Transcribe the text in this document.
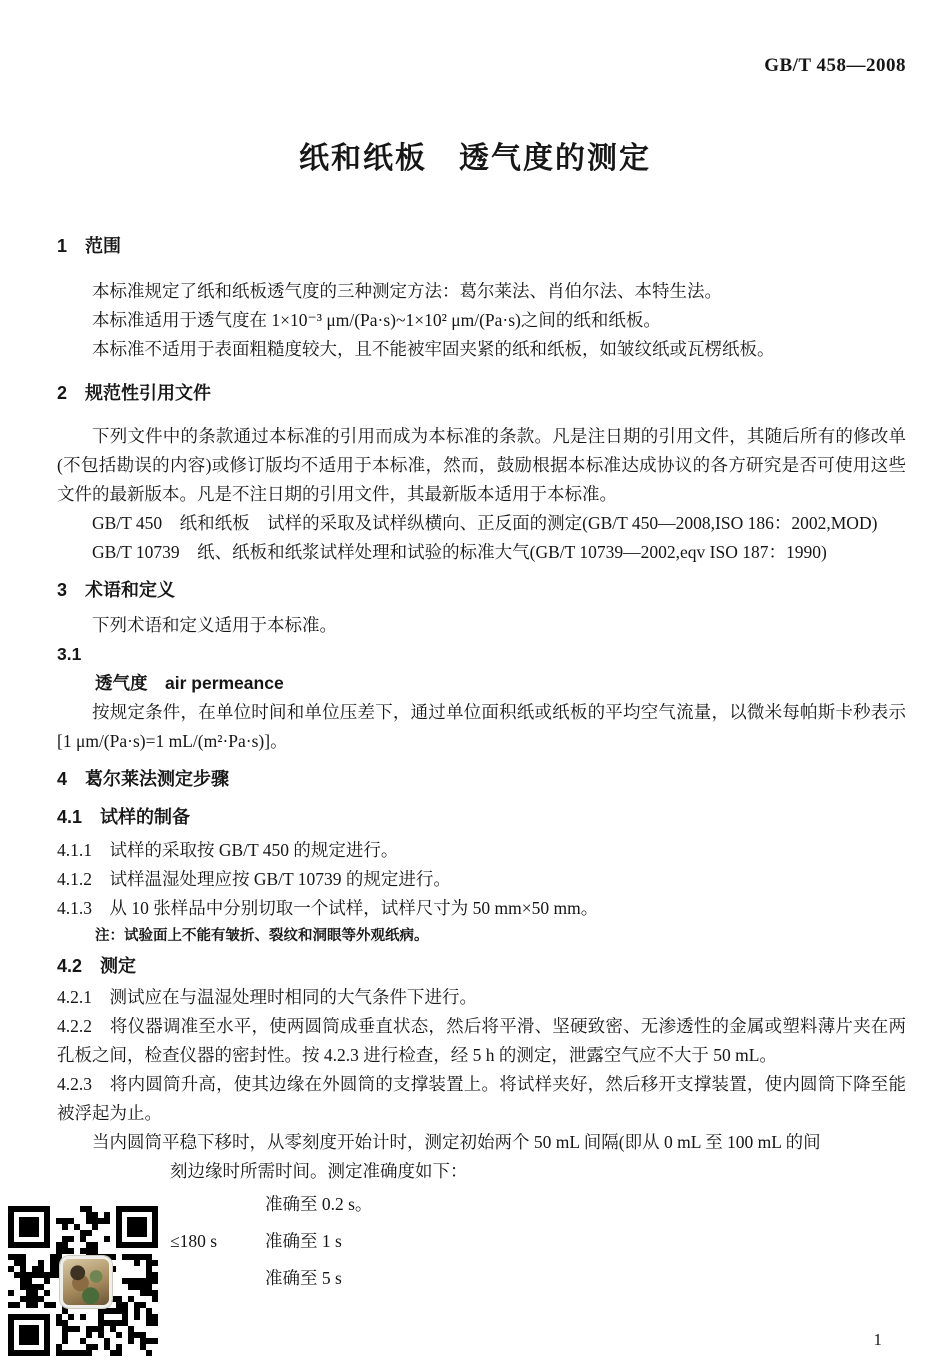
GB/T 458—2008
纸和纸板　透气度的测定

1　范围

本标准规定了纸和纸板透气度的三种测定方法：葛尔莱法、肖伯尔法、本特生法。

本标准适用于透气度在 1×10⁻³ μm/(Pa·s)~1×10² μm/(Pa·s)之间的纸和纸板。

本标准不适用于表面粗糙度较大，且不能被牢固夹紧的纸和纸板，如皱纹纸或瓦楞纸板。

2　规范性引用文件

下列文件中的条款通过本标准的引用而成为本标准的条款。凡是注日期的引用文件，其随后所有的修改单(不包括勘误的内容)或修订版均不适用于本标准，然而，鼓励根据本标准达成协议的各方研究是否可使用这些文件的最新版本。凡是不注日期的引用文件，其最新版本适用于本标准。

GB/T 450　纸和纸板　试样的采取及试样纵横向、正反面的测定(GB/T 450—2008,ISO 186：2002,MOD)

GB/T 10739　纸、纸板和纸浆试样处理和试验的标准大气(GB/T 10739—2002,eqv ISO 187：1990)

3　术语和定义

下列术语和定义适用于本标准。

3.1

透气度　air permeance

按规定条件，在单位时间和单位压差下，通过单位面积纸或纸板的平均空气流量，以微米每帕斯卡秒表示[1 μm/(Pa·s)=1 mL/(m²·Pa·s)]。

4　葛尔莱法测定步骤

4.1　试样的制备

4.1.1　试样的采取按 GB/T 450 的规定进行。

4.1.2　试样温湿处理应按 GB/T 10739 的规定进行。

4.1.3　从 10 张样品中分别切取一个试样，试样尺寸为 50 mm×50 mm。

注：试验面上不能有皱折、裂纹和洞眼等外观纸病。

4.2　测定

4.2.1　测试应在与温湿处理时相同的大气条件下进行。

4.2.2　将仪器调准至水平，使两圆筒成垂直状态，然后将平滑、坚硬致密、无渗透性的金属或塑料薄片夹在两孔板之间，检查仪器的密封性。按 4.2.3 进行检查，经 5 h 的测定，泄露空气应不大于 50 mL。

4.2.3　将内圆筒升高，使其边缘在外圆筒的支撑装置上。将试样夹好，然后移开支撑装置，使内圆筒下降至能被浮起为止。

当内圆筒平稳下移时，从零刻度开始计时，测定初始两个 50 mL 间隔(即从 0 mL 至 100 mL 的间

刻边缘时所需时间。测定准确度如下：

准确至 0.2 s。

≤180 s	准确至 1 s

准确至 5 s

1
